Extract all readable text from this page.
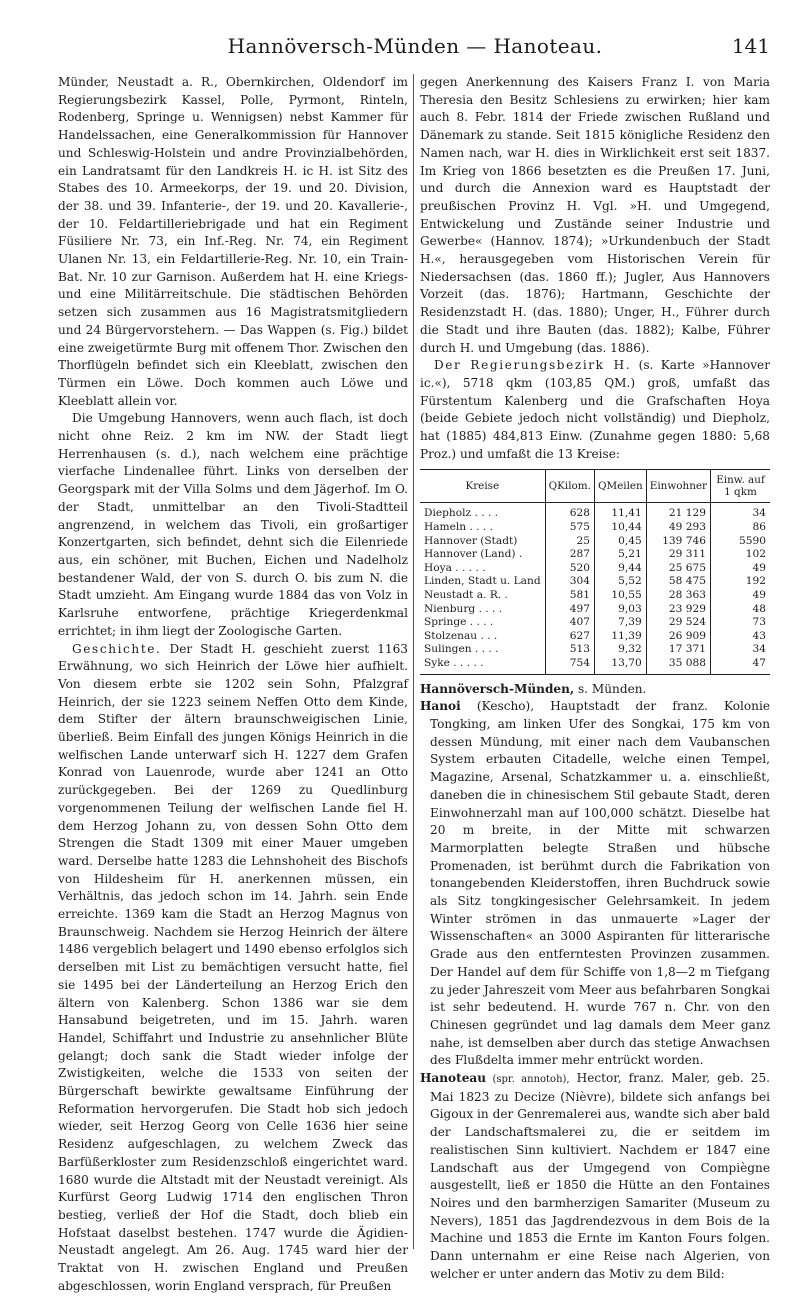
Hannöversch-Münden — Hanoteau.	141

Münder, Neustadt a. R., Obernkirchen, Oldendorf im Regierungsbezirk Kassel, Polle, Pyrmont, Rinteln, Rodenberg, Springe u. Wennigsen) nebst Kammer für Handelssachen, eine Generalkommission für Hannover und Schleswig-Holstein und andre Provinzialbehörden, ein Landratsamt für den Landkreis H. ic H. ist Sitz des Stabes des 10. Armeekorps, der 19. und 20. Division, der 38. und 39. Infanterie-, der 19. und 20. Kavallerie-, der 10. Feldartilleriebrigade und hat ein Regiment Füsiliere Nr. 73, ein Inf.-Reg. Nr. 74, ein Regiment Ulanen Nr. 13, ein Feldartillerie-Reg. Nr. 10, ein Train-Bat. Nr. 10 zur Garnison. Außerdem hat H. eine Kriegs- und eine Militärreitschule. Die städtischen Behörden setzen sich zusammen aus 16 Magistratsmitgliedern und 24 Bürgervorstehern. — Das Wappen (s. Fig.) bildet eine zweigetürmte Burg mit offenem Thor. Zwischen den Thorflügeln befindet sich ein Kleeblatt, zwischen den Türmen ein Löwe. Doch kommen auch Löwe und Kleeblatt allein vor.

Die Umgebung Hannovers, wenn auch flach, ist doch nicht ohne Reiz. 2 km im NW. der Stadt liegt Herrenhausen (s. d.), nach welchem eine prächtige vierfache Lindenallee führt. Links von derselben der Georgspark mit der Villa Solms und dem Jägerhof. Im O. der Stadt, unmittelbar an den Tivoli-Stadtteil angrenzend, in welchem das Tivoli, ein großartiger Konzertgarten, sich befindet, dehnt sich die Eilenriede aus, ein schöner, mit Buchen, Eichen und Nadelholz bestandener Wald, der von S. durch O. bis zum N. die Stadt umzieht. Am Eingang wurde 1884 das von Volz in Karlsruhe entworfene, prächtige Kriegerdenkmal errichtet; in ihm liegt der Zoologische Garten.

Geschichte. Der Stadt H. geschieht zuerst 1163 Erwähnung, wo sich Heinrich der Löwe hier aufhielt. Von diesem erbte sie 1202 sein Sohn, Pfalzgraf Heinrich, der sie 1223 seinem Neffen Otto dem Kinde, dem Stifter der ältern braunschweigischen Linie, überließ. Beim Einfall des jungen Königs Heinrich in die welfischen Lande unterwarf sich H. 1227 dem Grafen Konrad von Lauenrode, wurde aber 1241 an Otto zurückgegeben. Bei der 1269 zu Quedlinburg vorgenommenen Teilung der welfischen Lande fiel H. dem Herzog Johann zu, von dessen Sohn Otto dem Strengen die Stadt 1309 mit einer Mauer umgeben ward. Derselbe hatte 1283 die Lehnshoheit des Bischofs von Hildesheim für H. anerkennen müssen, ein Verhältnis, das jedoch schon im 14. Jahrh. sein Ende erreichte. 1369 kam die Stadt an Herzog Magnus von Braunschweig. Nachdem sie Herzog Heinrich der ältere 1486 vergeblich belagert und 1490 ebenso erfolglos sich derselben mit List zu bemächtigen versucht hatte, fiel sie 1495 bei der Länderteilung an Herzog Erich den ältern von Kalenberg. Schon 1386 war sie dem Hansabund beigetreten, und im 15. Jahrh. waren Handel, Schiffahrt und Industrie zu ansehnlicher Blüte gelangt; doch sank die Stadt wieder infolge der Zwistigkeiten, welche die 1533 von seiten der Bürgerschaft bewirkte gewaltsame Einführung der Reformation hervorgerufen. Die Stadt hob sich jedoch wieder, seit Herzog Georg von Celle 1636 hier seine Residenz aufgeschlagen, zu welchem Zweck das Barfüßerkloster zum Residenzschloß eingerichtet ward. 1680 wurde die Altstadt mit der Neustadt vereinigt. Als Kurfürst Georg Ludwig 1714 den englischen Thron bestieg, verließ der Hof die Stadt, doch blieb ein Hofstaat daselbst bestehen. 1747 wurde die Ägidien-Neustadt angelegt. Am 26. Aug. 1745 ward hier der Traktat von H. zwischen England und Preußen abgeschlossen, worin England versprach, für Preußen

gegen Anerkennung des Kaisers Franz I. von Maria Theresia den Besitz Schlesiens zu erwirken; hier kam auch 8. Febr. 1814 der Friede zwischen Rußland und Dänemark zu stande. Seit 1815 königliche Residenz den Namen nach, war H. dies in Wirklichkeit erst seit 1837. Im Krieg von 1866 besetzten es die Preußen 17. Juni, und durch die Annexion ward es Hauptstadt der preußischen Provinz H. Vgl. »H. und Umgegend, Entwickelung und Zustände seiner Industrie und Gewerbe« (Hannov. 1874); »Urkundenbuch der Stadt H.«, herausgegeben vom Historischen Verein für Niedersachsen (das. 1860 ff.); Jugler, Aus Hannovers Vorzeit (das. 1876); Hartmann, Geschichte der Residenzstadt H. (das. 1880); Unger, H., Führer durch die Stadt und ihre Bauten (das. 1882); Kalbe, Führer durch H. und Umgebung (das. 1886).

Der Regierungsbezirk H. (s. Karte »Hannover ic.«), 5718 qkm (103,85 QM.) groß, umfaßt das Fürstentum Kalenberg und die Grafschaften Hoya (beide Gebiete jedoch nicht vollständig) und Diepholz, hat (1885) 484,813 Einw. (Zunahme gegen 1880: 5,68 Proz.) und umfaßt die 13 Kreise:

Kreise	QKilom.	QMeilen	Einwohner	Einw. auf 1 qkm
Diepholz . . . .	628	11,41	21 129	34
Hameln . . . .	575	10,44	49 293	86
Hannover (Stadt)	25	0,45	139 746	5590
Hannover (Land) .	287	5,21	29 311	102
Hoya . . . . .	520	9,44	25 675	49
Linden, Stadt u. Land	304	5,52	58 475	192
Neustadt a. R. .	581	10,55	28 363	49
Nienburg . . . .	497	9,03	23 929	48
Springe . . . .	407	7,39	29 524	73
Stolzenau . . .	627	11,39	26 909	43
Sulingen . . . .	513	9,32	17 371	34
Syke . . . . .	754	13,70	35 088	47

Hannöversch-Münden, s. Münden.

Hanoi (Kescho), Hauptstadt der franz. Kolonie Tongking, am linken Ufer des Songkai, 175 km von dessen Mündung, mit einer nach dem Vaubanschen System erbauten Citadelle, welche einen Tempel, Magazine, Arsenal, Schatzkammer u. a. einschließt, daneben die in chinesischem Stil gebaute Stadt, deren Einwohnerzahl man auf 100,000 schätzt. Dieselbe hat 20 m breite, in der Mitte mit schwarzen Marmorplatten belegte Straßen und hübsche Promenaden, ist berühmt durch die Fabrikation von tonangebenden Kleiderstoffen, ihren Buchdruck sowie als Sitz tongkingesischer Gelehrsamkeit. In jedem Winter strömen in das unmauerte »Lager der Wissenschaften« an 3000 Aspiranten für litterarische Grade aus den entferntesten Provinzen zusammen. Der Handel auf dem für Schiffe von 1,8—2 m Tiefgang zu jeder Jahreszeit vom Meer aus befahrbaren Songkai ist sehr bedeutend. H. wurde 767 n. Chr. von den Chinesen gegründet und lag damals dem Meer ganz nahe, ist demselben aber durch das stetige Anwachsen des Flußdelta immer mehr entrückt worden.

Hanoteau (spr. annotoh), Hector, franz. Maler, geb. 25. Mai 1823 zu Decize (Nièvre), bildete sich anfangs bei Gigoux in der Genremalerei aus, wandte sich aber bald der Landschaftsmalerei zu, die er seitdem im realistischen Sinn kultiviert. Nachdem er 1847 eine Landschaft aus der Umgegend von Compiègne ausgestellt, ließ er 1850 die Hütte an den Fontaines Noires und den barmherzigen Samariter (Museum zu Nevers), 1851 das Jagdrendezvous in dem Bois de la Machine und 1853 die Ernte im Kanton Fours folgen. Dann unternahm er eine Reise nach Algerien, von welcher er unter andern das Motiv zu dem Bild:
